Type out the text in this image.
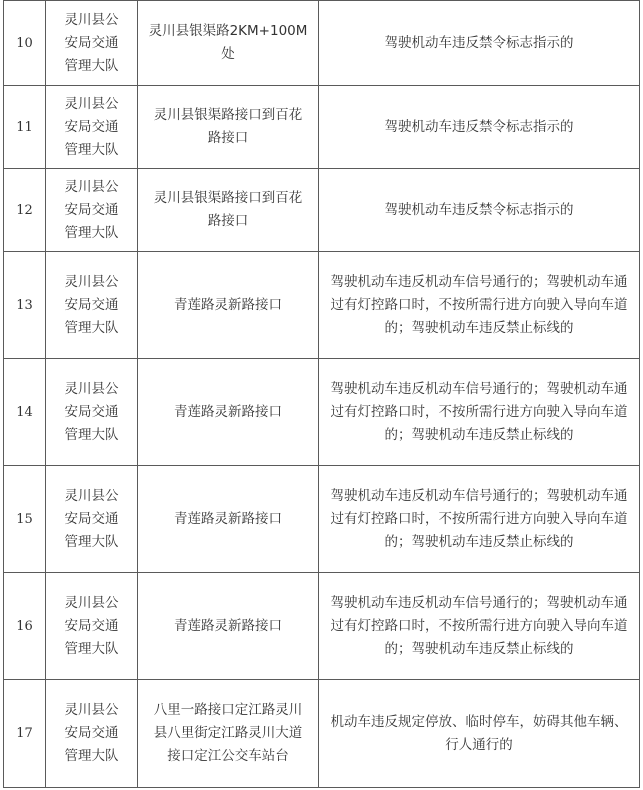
10	灵川县公安局交通管理大队	灵川县银渠路2KM+100M处	驾驶机动车违反禁令标志指示的
11	灵川县公安局交通管理大队	灵川县银渠路接口到百花路接口	驾驶机动车违反禁令标志指示的
12	灵川县公安局交通管理大队	灵川县银渠路接口到百花路接口	驾驶机动车违反禁令标志指示的
13	灵川县公安局交通管理大队	青莲路灵新路接口	驾驶机动车违反机动车信号通行的；驾驶机动车通过有灯控路口时，不按所需行进方向驶入导向车道的；驾驶机动车违反禁止标线的
14	灵川县公安局交通管理大队	青莲路灵新路接口	驾驶机动车违反机动车信号通行的；驾驶机动车通过有灯控路口时，不按所需行进方向驶入导向车道的；驾驶机动车违反禁止标线的
15	灵川县公安局交通管理大队	青莲路灵新路接口	驾驶机动车违反机动车信号通行的；驾驶机动车通过有灯控路口时，不按所需行进方向驶入导向车道的；驾驶机动车违反禁止标线的
16	灵川县公安局交通管理大队	青莲路灵新路接口	驾驶机动车违反机动车信号通行的；驾驶机动车通过有灯控路口时，不按所需行进方向驶入导向车道的；驾驶机动车违反禁止标线的
17	灵川县公安局交通管理大队	八里一路接口定江路灵川县八里街定江路灵川大道接口定江公交车站台	机动车违反规定停放、临时停车，妨碍其他车辆、行人通行的
